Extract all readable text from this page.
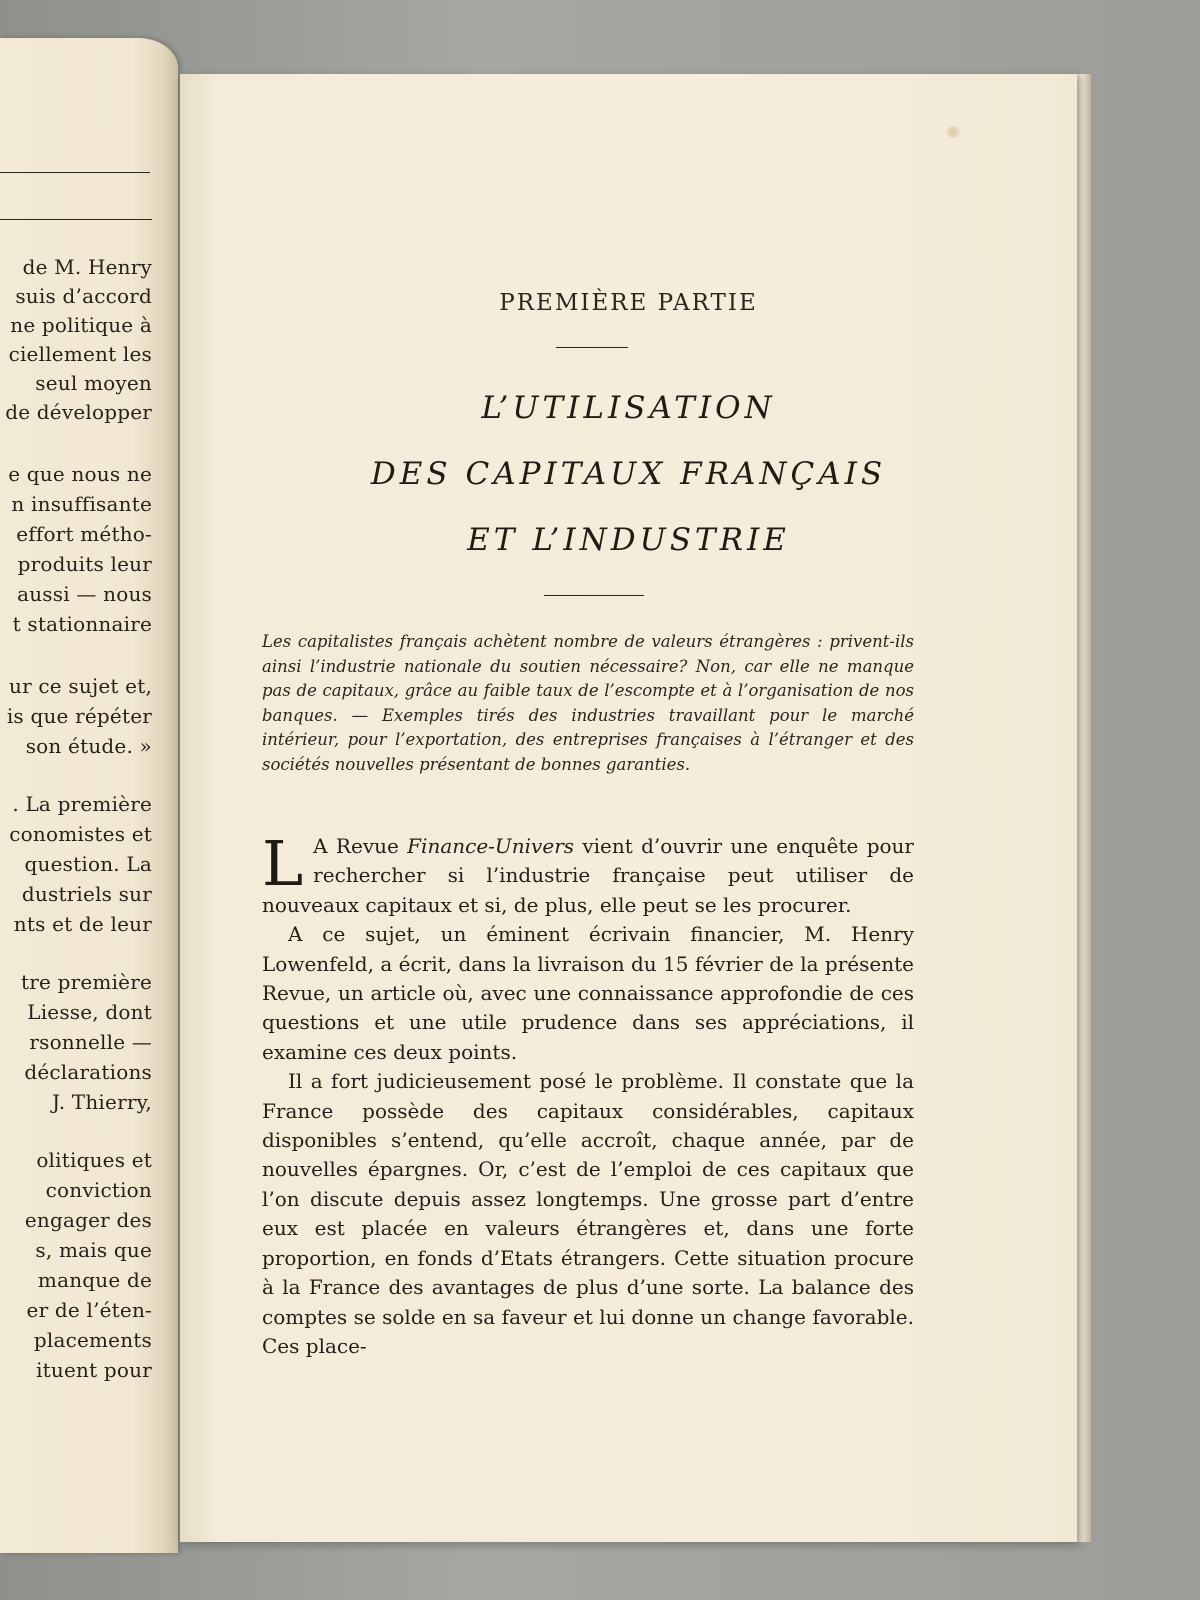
de M. Henry
suis d’accord
ne politique à
ciellement les
seul moyen
de développer
e que nous ne
n insuffisante
effort métho-
produits leur
aussi — nous
t stationnaire
ur ce sujet et,
is que répéter
son étude. »
. La première
conomistes et
question. La
dustriels sur
nts et de leur
tre première
Liesse, dont
rsonnelle —
déclarations
J. Thierry,
olitiques et
conviction
engager des
s, mais que
manque de
er de l’éten-
placements
ituent pour
PREMIÈRE PARTIE
L’UTILISATION
DES CAPITAUX FRANÇAIS
ET L’INDUSTRIE
Les capitalistes français achètent nombre de valeurs étrangères : privent-ils ainsi l’industrie nationale du soutien nécessaire? Non, car elle ne manque pas de capitaux, grâce au faible taux de l’escompte et à l’organisation de nos banques. — Exemples tirés des industries travaillant pour le marché intérieur, pour l’exportation, des entreprises françaises à l’étranger et des sociétés nouvelles présentant de bonnes garanties.

L A Revue Finance-Univers vient d’ouvrir une enquête pour rechercher si l’industrie française peut utiliser de nouveaux capitaux et si, de plus, elle peut se les procurer.

A ce sujet, un éminent écrivain financier, M. Henry Lowenfeld, a écrit, dans la livraison du 15 février de la présente Revue, un article où, avec une connaissance approfondie de ces questions et une utile prudence dans ses appréciations, il examine ces deux points.

Il a fort judicieusement posé le problème. Il constate que la France possède des capitaux considérables, capitaux disponibles s’entend, qu’elle accroît, chaque année, par de nouvelles épargnes. Or, c’est de l’emploi de ces capitaux que l’on discute depuis assez longtemps. Une grosse part d’entre eux est placée en valeurs étrangères et, dans une forte proportion, en fonds d’Etats étrangers. Cette situation procure à la France des avantages de plus d’une sorte. La balance des comptes se solde en sa faveur et lui donne un change favorable. Ces place-
